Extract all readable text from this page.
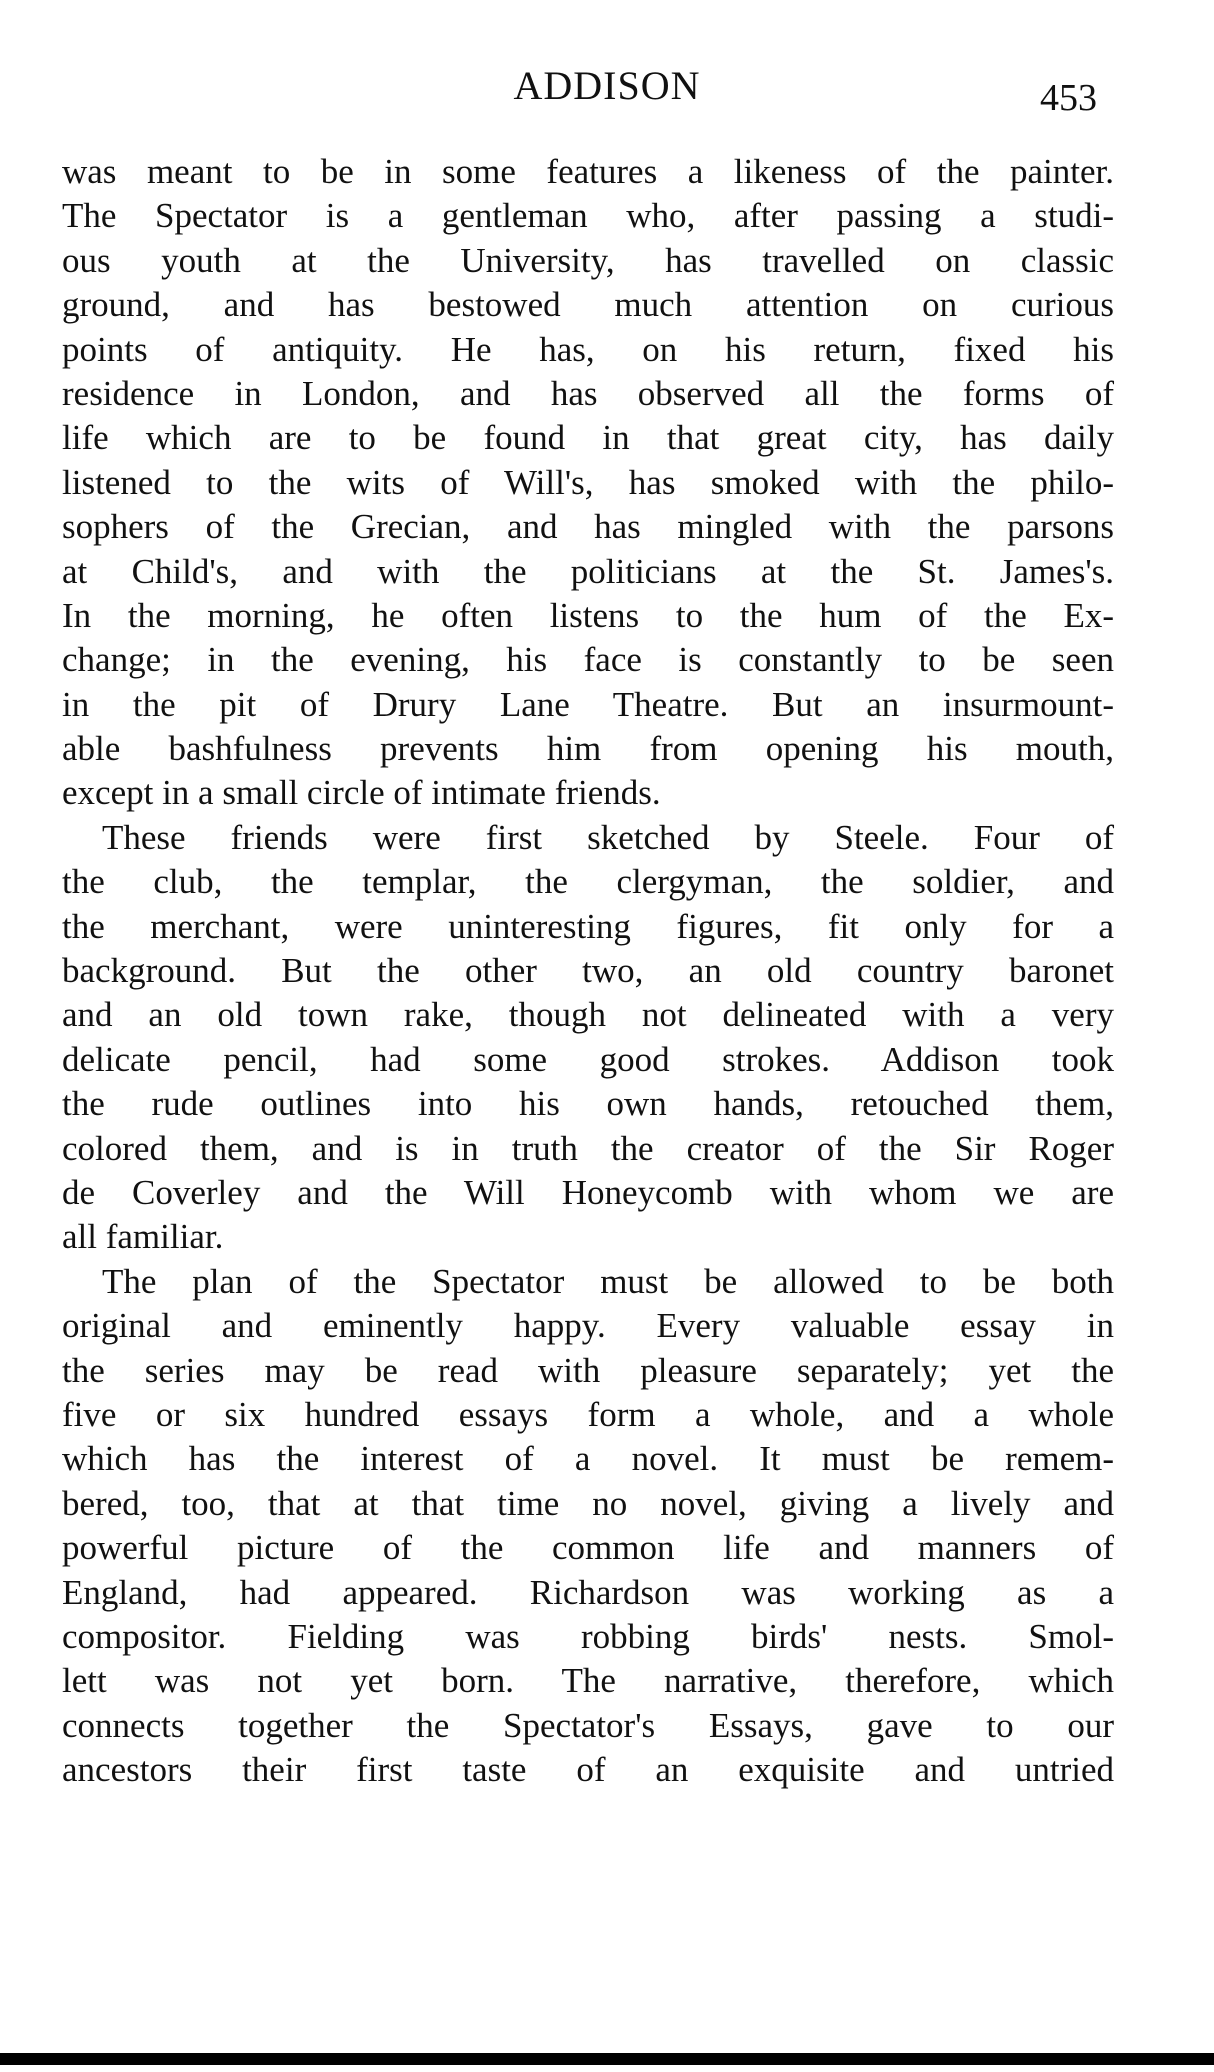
ADDISON	453
was meant to be in some features a likeness of the painter.
The Spectator is a gentleman who, after passing a studi-
ous youth at the University, has travelled on classic
ground, and has bestowed much attention on curious
points of antiquity. He has, on his return, fixed his
residence in London, and has observed all the forms of
life which are to be found in that great city, has daily
listened to the wits of Will's, has smoked with the philo-
sophers of the Grecian, and has mingled with the parsons
at Child's, and with the politicians at the St. James's.
In the morning, he often listens to the hum of the Ex-
change; in the evening, his face is constantly to be seen
in the pit of Drury Lane Theatre. But an insurmount-
able bashfulness prevents him from opening his mouth,
except in a small circle of intimate friends.
These friends were first sketched by Steele. Four of
the club, the templar, the clergyman, the soldier, and
the merchant, were uninteresting figures, fit only for a
background. But the other two, an old country baronet
and an old town rake, though not delineated with a very
delicate pencil, had some good strokes. Addison took
the rude outlines into his own hands, retouched them,
colored them, and is in truth the creator of the Sir Roger
de Coverley and the Will Honeycomb with whom we are
all familiar.
The plan of the Spectator must be allowed to be both
original and eminently happy. Every valuable essay in
the series may be read with pleasure separately; yet the
five or six hundred essays form a whole, and a whole
which has the interest of a novel. It must be remem-
bered, too, that at that time no novel, giving a lively and
powerful picture of the common life and manners of
England, had appeared. Richardson was working as a
compositor. Fielding was robbing birds' nests. Smol-
lett was not yet born. The narrative, therefore, which
connects together the Spectator's Essays, gave to our
ancestors their first taste of an exquisite and untried
